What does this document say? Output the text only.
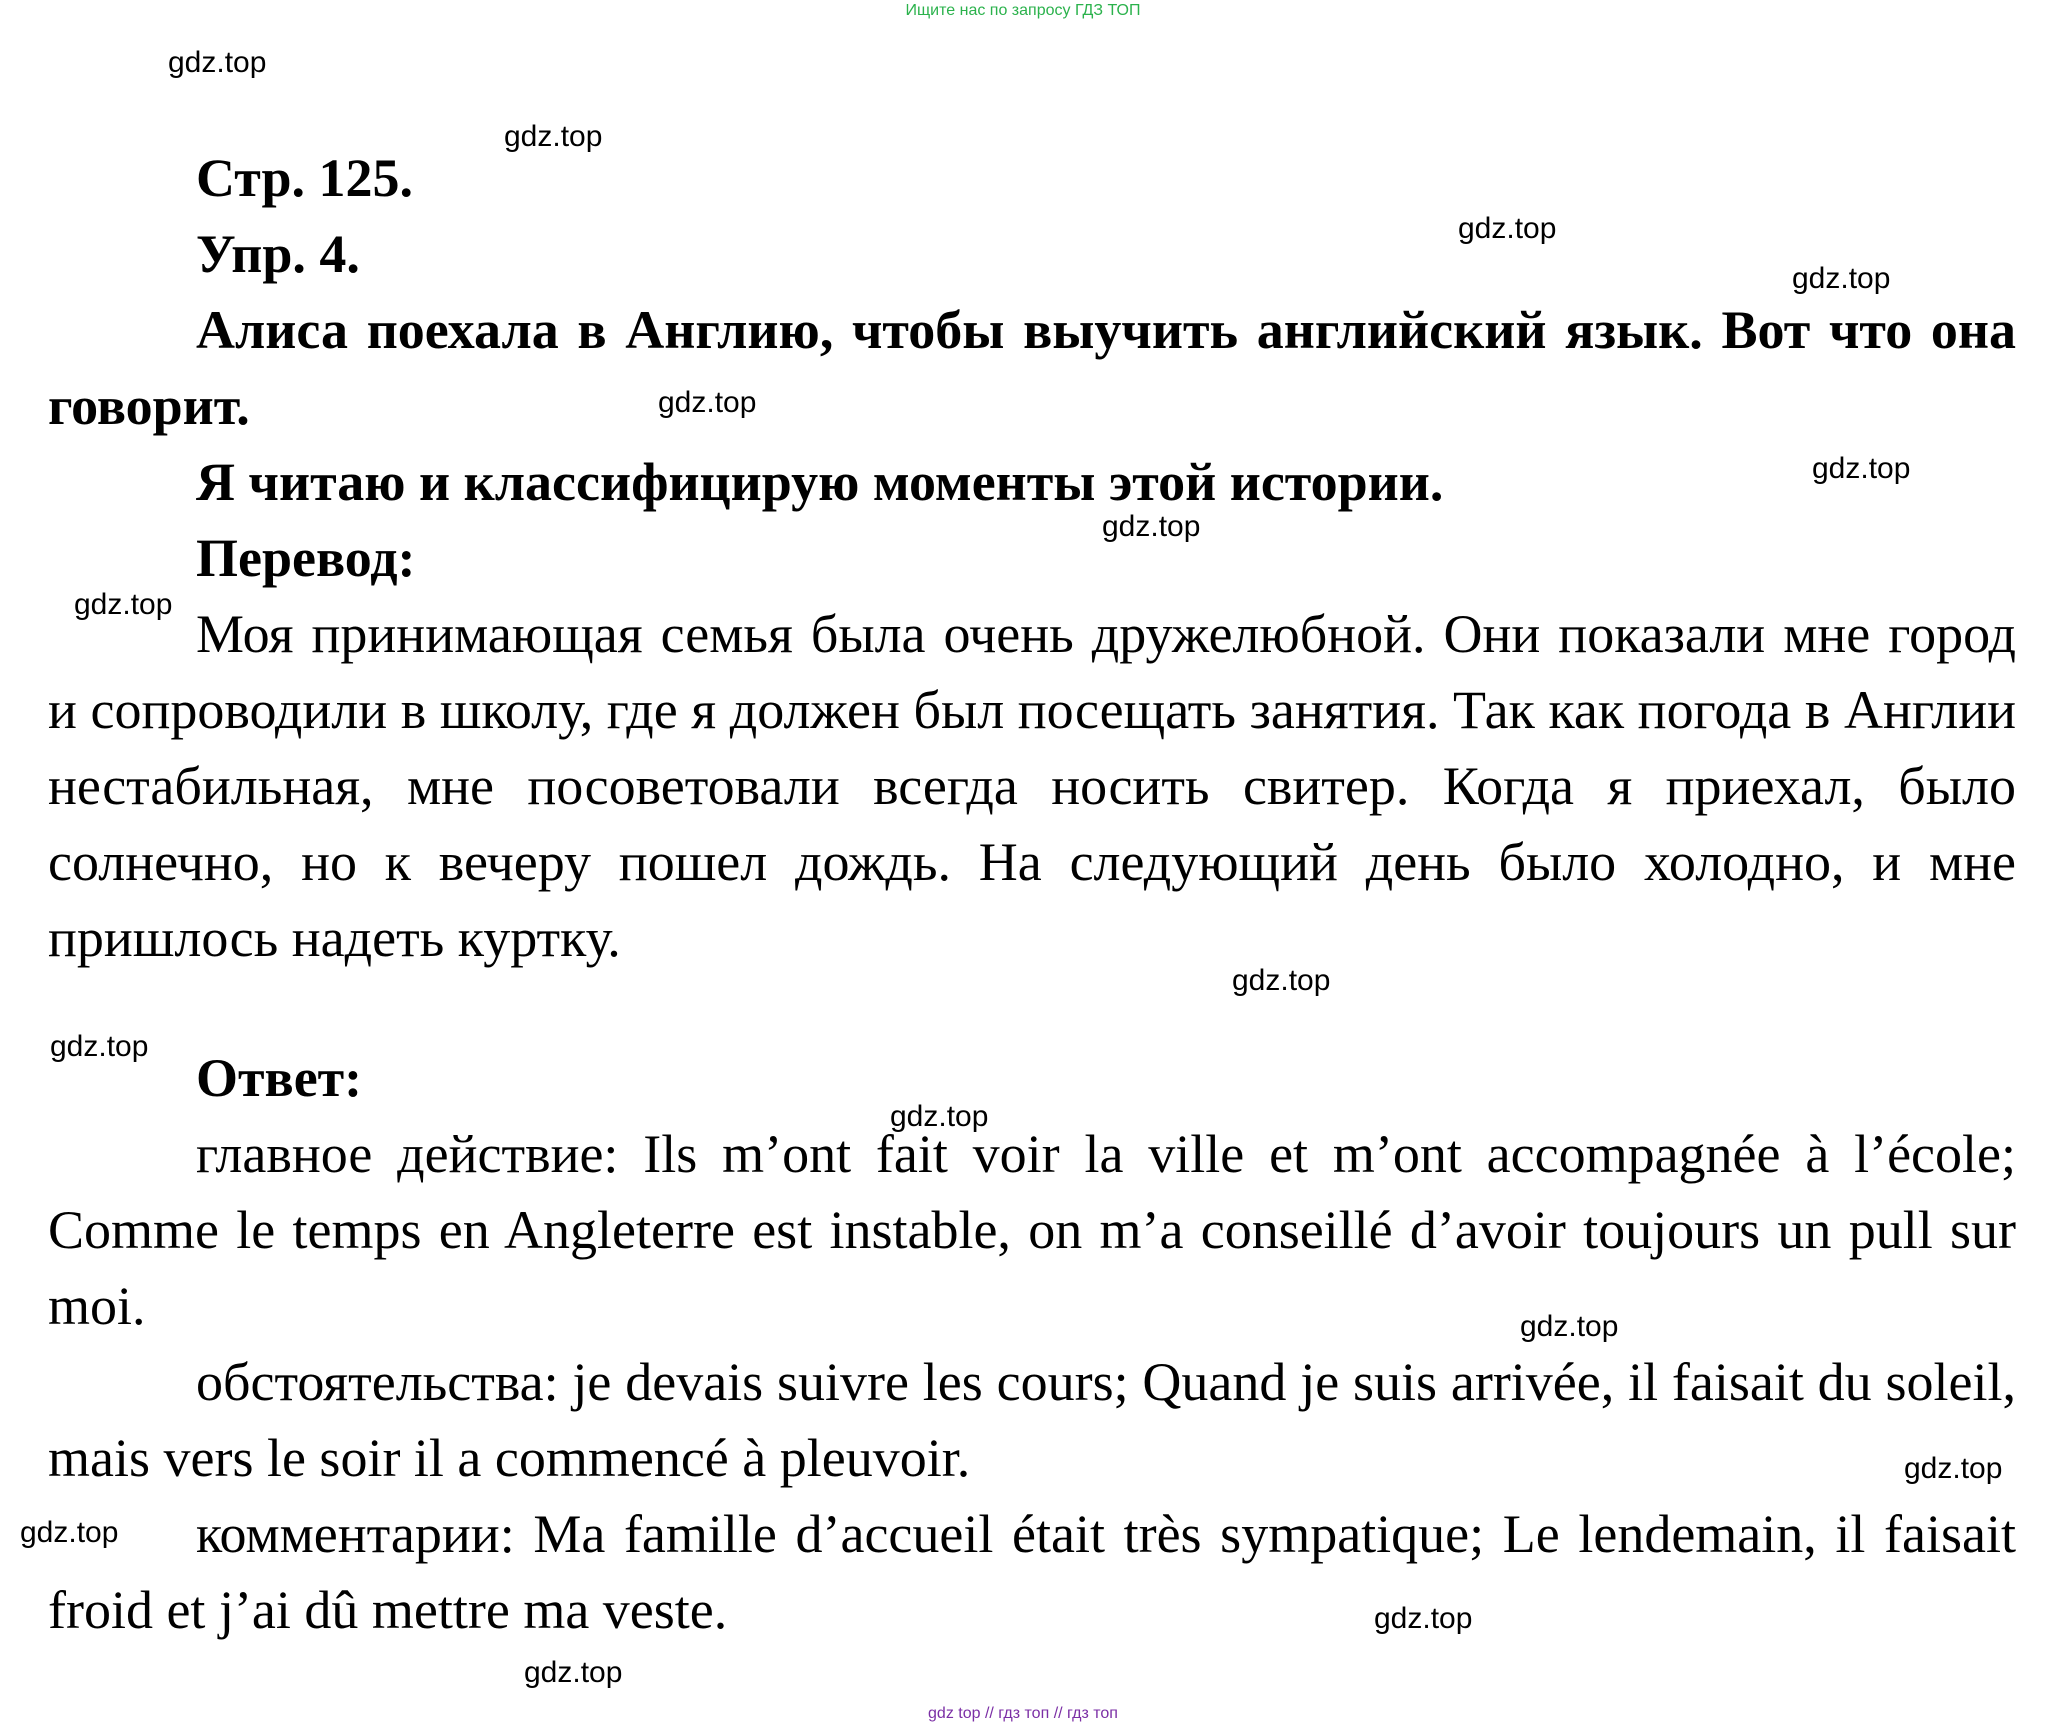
Ищите нас по запросу ГДЗ ТОП

Стр. 125.

Упр. 4.

Алиса поехала в Англию, чтобы выучить английский язык. Вот что она говорит.

Я читаю и классифицирую моменты этой истории.

Перевод:

Моя принимающая семья была очень дружелюбной. Они показали мне город и сопроводили в школу, где я должен был посещать занятия. Так как погода в Англии нестабильная, мне посоветовали всегда носить свитер. Когда я приехал, было солнечно, но к вечеру пошел дождь. На следующий день было холодно, и мне пришлось надеть куртку.

Ответ:

главное действие: Ils m’ont fait voir la ville et m’ont accompagnée à l’école; Comme le temps en Angleterre est instable, on m’a conseillé d’avoir toujours un pull sur moi.

обстоятельства: je devais suivre les cours; Quand je suis arrivée, il faisait du soleil, mais vers le soir il a commencé à pleuvoir.

комментарии: Ma famille d’accueil était très sympatique; Le lendemain, il faisait froid et j’ai dû mettre ma veste.

gdz.top
gdz.top
gdz.top
gdz.top
gdz.top
gdz.top
gdz.top
gdz.top
gdz.top
gdz.top
gdz.top
gdz.top
gdz.top
gdz.top
gdz.top
gdz.top
gdz top // гдз топ // гдз топ
